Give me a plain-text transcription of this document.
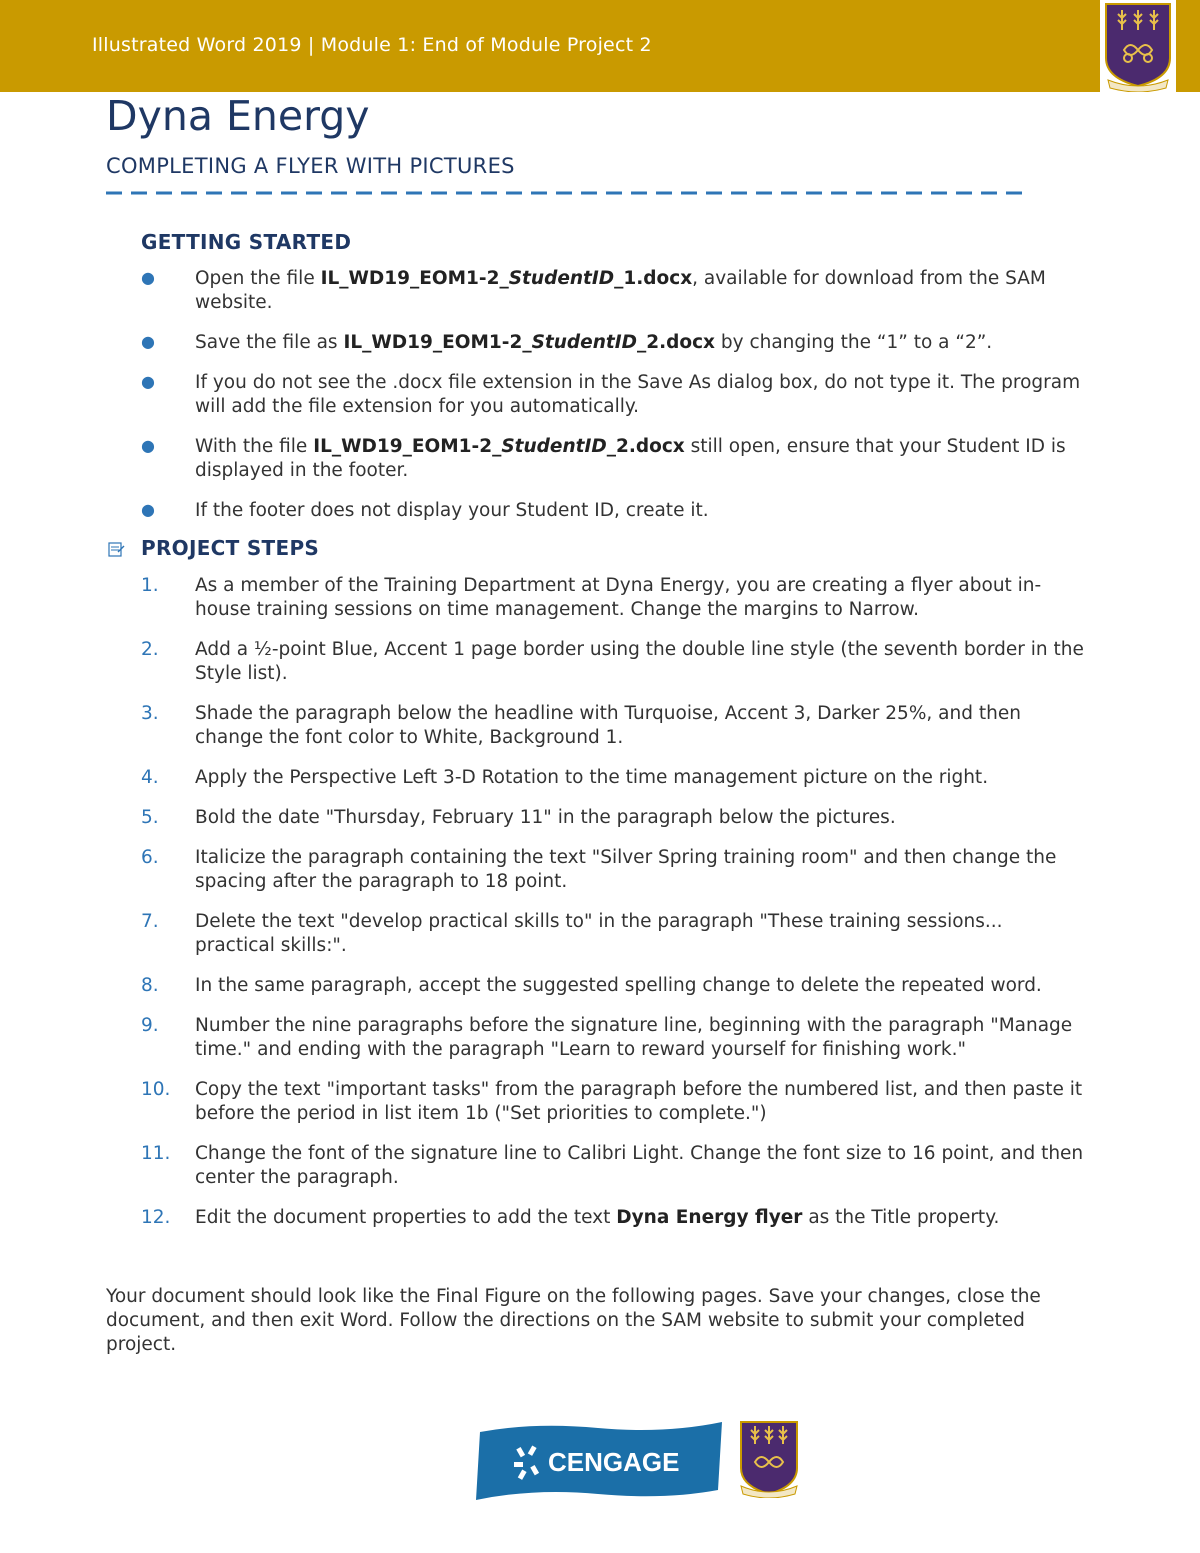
Illustrated Word 2019 | Module 1: End of Module Project 2
Dyna Energy
COMPLETING A FLYER WITH PICTURES
GETTING STARTED
● Open the file IL_WD19_EOM1-2_StudentID_1.docx, available for download from the SAM website.
● Save the file as IL_WD19_EOM1-2_StudentID_2.docx by changing the “1” to a “2”.
● If you do not see the .docx file extension in the Save As dialog box, do not type it. The program will add the file extension for you automatically.
● With the file IL_WD19_EOM1-2_StudentID_2.docx still open, ensure that your Student ID is displayed in the footer.
● If the footer does not display your Student ID, create it.
PROJECT STEPS
1. As a member of the Training Department at Dyna Energy, you are creating a flyer about in-house training sessions on time management. Change the margins to Narrow.
2. Add a ½-point Blue, Accent 1 page border using the double line style (the seventh border in the Style list).
3. Shade the paragraph below the headline with Turquoise, Accent 3, Darker 25%, and then change the font color to White, Background 1.
4. Apply the Perspective Left 3-D Rotation to the time management picture on the right.
5. Bold the date "Thursday, February 11" in the paragraph below the pictures.
6. Italicize the paragraph containing the text "Silver Spring training room" and then change the spacing after the paragraph to 18 point.
7. Delete the text "develop practical skills to" in the paragraph "These training sessions... practical skills:".
8. In the same paragraph, accept the suggested spelling change to delete the repeated word.
9. Number the nine paragraphs before the signature line, beginning with the paragraph "Manage time." and ending with the paragraph "Learn to reward yourself for finishing work."
10. Copy the text "important tasks" from the paragraph before the numbered list, and then paste it before the period in list item 1b ("Set priorities to complete.")
11. Change the font of the signature line to Calibri Light. Change the font size to 16 point, and then center the paragraph.
12. Edit the document properties to add the text Dyna Energy flyer as the Title property.
Your document should look like the Final Figure on the following pages. Save your changes, close the document, and then exit Word. Follow the directions on the SAM website to submit your completed project.
CENGAGE
